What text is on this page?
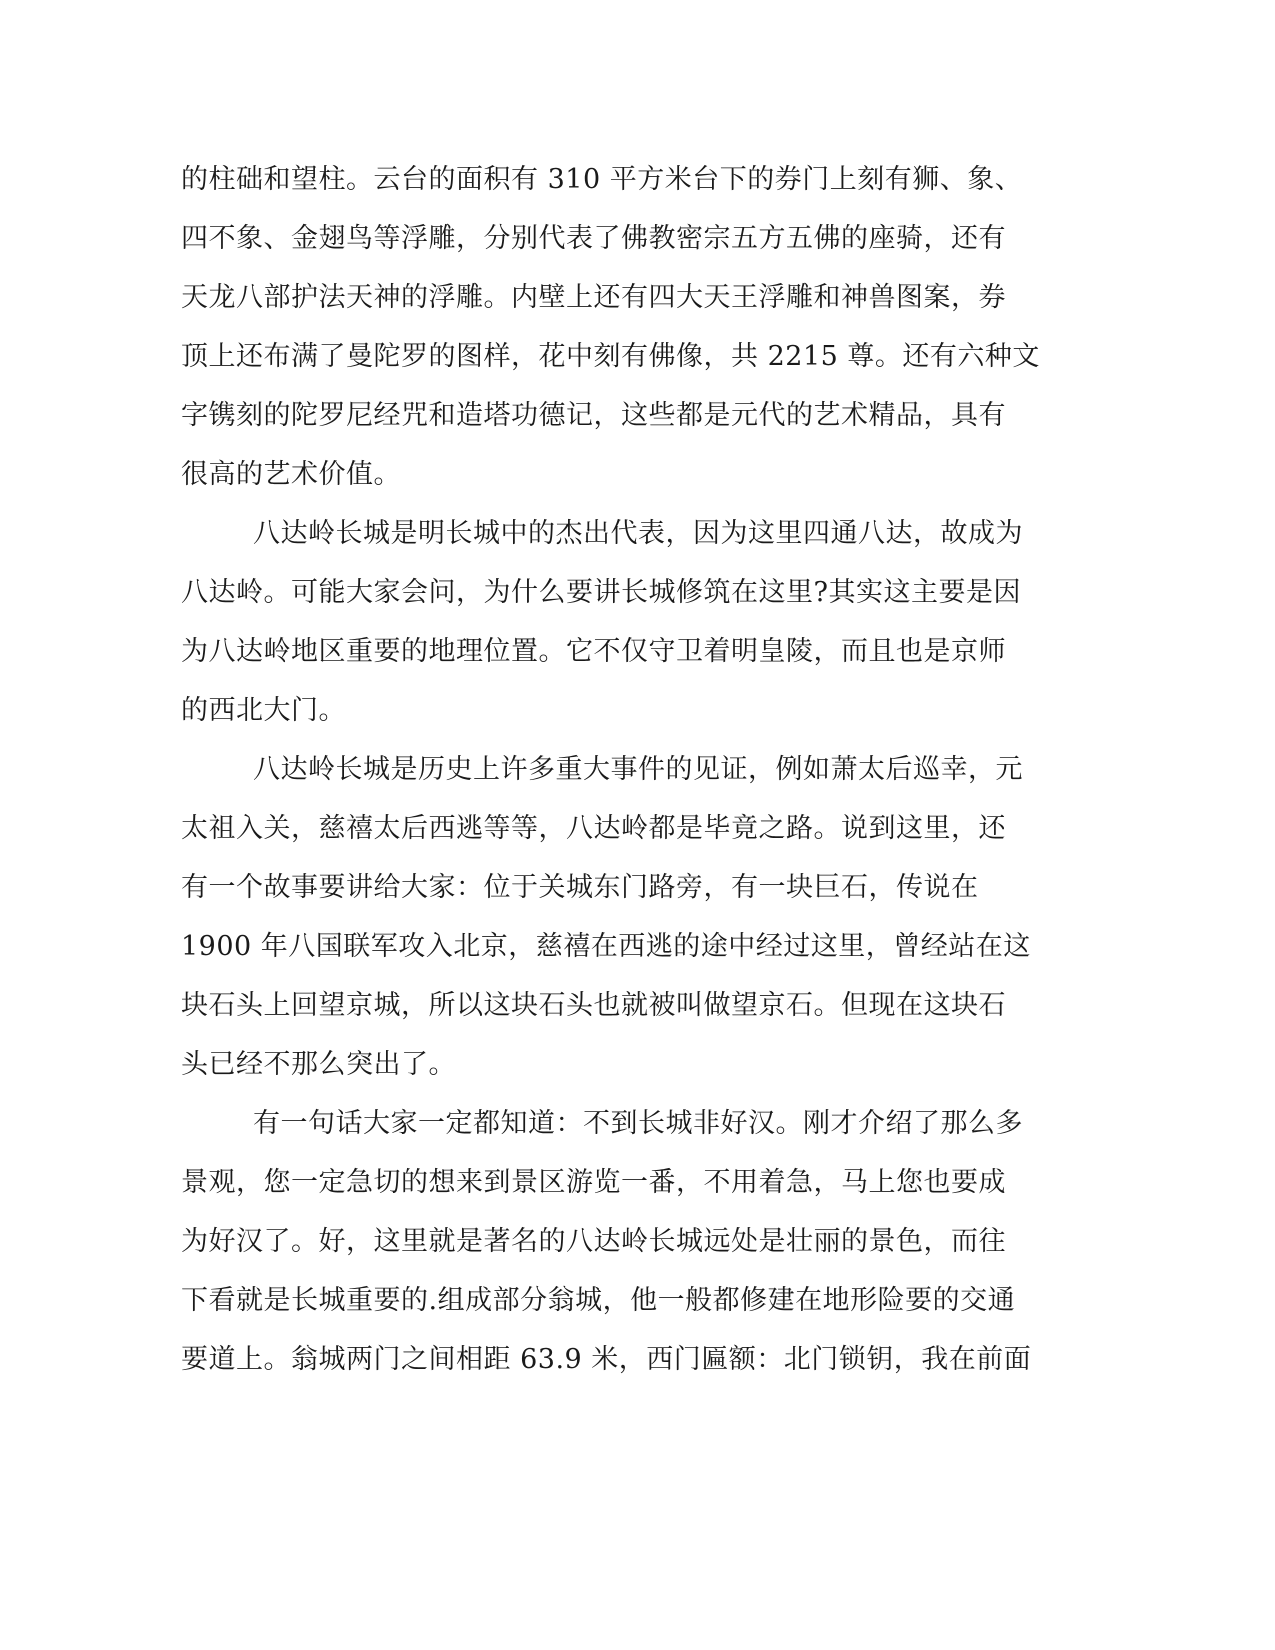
的柱础和望柱。云台的面积有 310 平方米台下的券门上刻有狮、象、
四不象、金翅鸟等浮雕，分别代表了佛教密宗五方五佛的座骑，还有
天龙八部护法天神的浮雕。内壁上还有四大天王浮雕和神兽图案，券
顶上还布满了曼陀罗的图样，花中刻有佛像，共 2215 尊。还有六种文
字镌刻的陀罗尼经咒和造塔功德记，这些都是元代的艺术精品，具有
很高的艺术价值。
八达岭长城是明长城中的杰出代表，因为这里四通八达，故成为
八达岭。可能大家会问，为什么要讲长城修筑在这里?其实这主要是因
为八达岭地区重要的地理位置。它不仅守卫着明皇陵，而且也是京师
的西北大门。
八达岭长城是历史上许多重大事件的见证，例如萧太后巡幸，元
太祖入关，慈禧太后西逃等等，八达岭都是毕竟之路。说到这里，还
有一个故事要讲给大家：位于关城东门路旁，有一块巨石，传说在
1900 年八国联军攻入北京，慈禧在西逃的途中经过这里，曾经站在这
块石头上回望京城，所以这块石头也就被叫做望京石。但现在这块石
头已经不那么突出了。
有一句话大家一定都知道：不到长城非好汉。刚才介绍了那么多
景观，您一定急切的想来到景区游览一番，不用着急，马上您也要成
为好汉了。好，这里就是著名的八达岭长城远处是壮丽的景色，而往
下看就是长城重要的.组成部分翁城，他一般都修建在地形险要的交通
要道上。翁城两门之间相距 63.9 米，西门匾额：北门锁钥，我在前面
